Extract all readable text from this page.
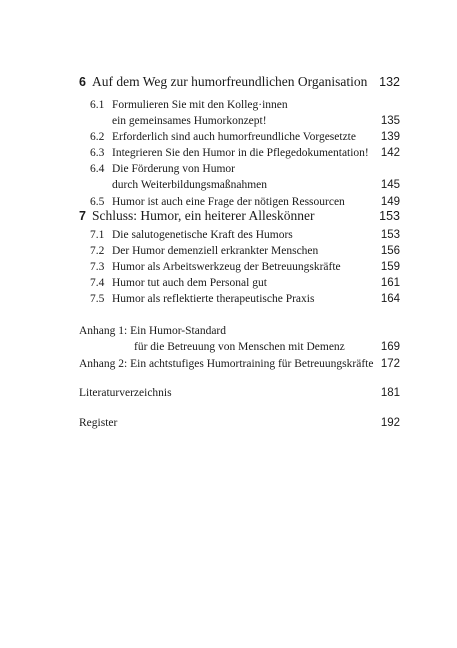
6 Auf dem Weg zur humorfreundlichen Organisation 132
6.1 Formulieren Sie mit den Kolleg·innen
ein gemeinsames Humorkonzept!	135
6.2 Erforderlich sind auch humorfreundliche Vorgesetzte 139
6.3 Integrieren Sie den Humor in die Pflegedokumentation! 142
6.4 Die Förderung von Humor
durch Weiterbildungsmaßnahmen	145
6.5 Humor ist auch eine Frage der nötigen Ressourcen	149
7 Schluss: Humor, ein heiterer Alleskönner	153
7.1 Die salutogenetische Kraft des Humors	153
7.2 Der Humor demenziell erkrankter Menschen	156
7.3 Humor als Arbeitswerkzeug der Betreuungskräfte	159
7.4 Humor tut auch dem Personal gut	161
7.5 Humor als reflektierte therapeutische Praxis	164
Anhang 1: Ein Humor-Standard
für die Betreuung von Menschen mit Demenz	169
Anhang 2: Ein achtstufiges Humortraining für Betreuungskräfte 172
Literaturverzeichnis	181
Register	192
